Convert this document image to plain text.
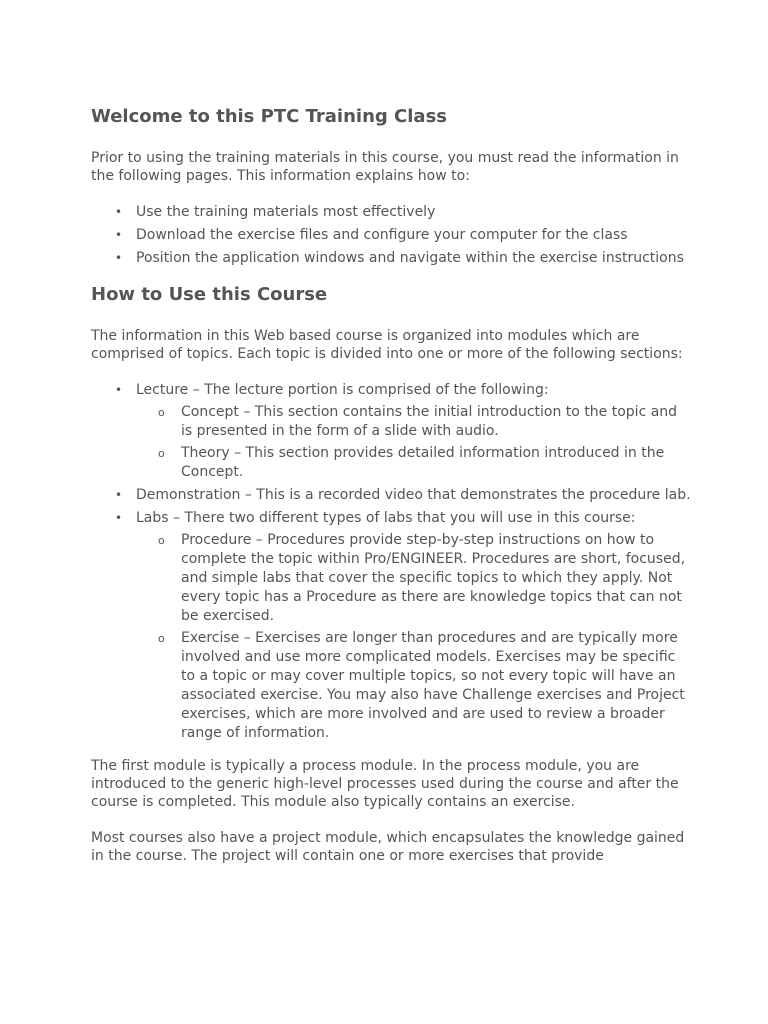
Welcome to this PTC Training Class

Prior to using the training materials in this course, you must read the information in the following pages. This information explains how to:

• Use the training materials most effectively
• Download the exercise files and configure your computer for the class
• Position the application windows and navigate within the exercise instructions
How to Use this Course

The information in this Web based course is organized into modules which are comprised of topics. Each topic is divided into one or more of the following sections:

• Lecture – The lecture portion is comprised of the following:
o Concept – This section contains the initial introduction to the topic and is presented in the form of a slide with audio.
o Theory – This section provides detailed information introduced in the Concept.
• Demonstration – This is a recorded video that demonstrates the procedure lab.
• Labs – There two different types of labs that you will use in this course:
o Procedure – Procedures provide step-by-step instructions on how to complete the topic within Pro/ENGINEER. Procedures are short, focused, and simple labs that cover the specific topics to which they apply. Not every topic has a Procedure as there are knowledge topics that can not be exercised.
o Exercise – Exercises are longer than procedures and are typically more involved and use more complicated models. Exercises may be specific to a topic or may cover multiple topics, so not every topic will have an associated exercise. You may also have Challenge exercises and Project exercises, which are more involved and are used to review a broader range of information.

The first module is typically a process module. In the process module, you are introduced to the generic high-level processes used during the course and after the course is completed. This module also typically contains an exercise.

Most courses also have a project module, which encapsulates the knowledge gained in the course. The project will contain one or more exercises that provide
